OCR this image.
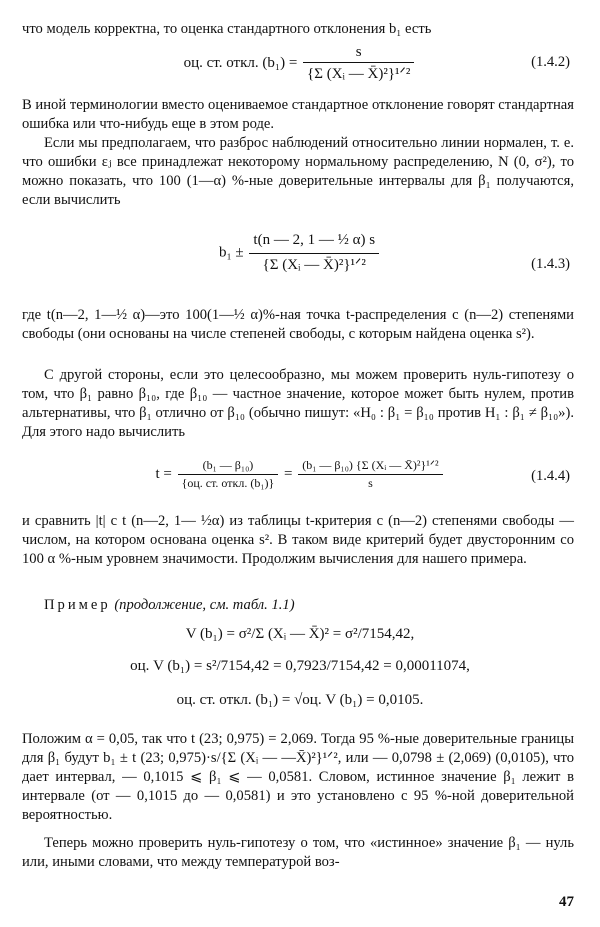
что модель корректна, то оценка стандартного отклонения b₁ есть

оц. ст. откл. $(b_1) = \frac{s}{\text{\{Σ (Xᵢ — X̄)²\}¹ᐟ²}}$	(1.4.2)

В иной терминологии вместо оцениваемое стандартное отклонение говорят стандартная ошибка или что-нибудь еще в этом роде.

Если мы предполагаем, что разброс наблюдений относительно линии нормален, т. е. что ошибки εⱼ все принадлежат некоторому нормальному распределению, N (0, σ²), то можно показать, что 100 (1—α) %-ные доверительные интервалы для β₁ получаются, если вычислить

$b_1 \pm \frac{\text{t(n — 2, 1 — ½ α) s}}{\text{\{Σ (Xᵢ — X̄)²\}¹ᐟ²}}$	(1.4.3)

где t(n—2, 1—½ α)—это 100(1—½ α)%-ная точка t-распределения с (n—2) степенями свободы (они основаны на числе степеней свободы, с которым найдена оценка s²).

С другой стороны, если это целесообразно, мы можем проверить нуль-гипотезу о том, что β₁ равно β₁₀, где β₁₀ — частное значение, которое может быть нулем, против альтернативы, что β₁ отлично от β₁₀ (обычно пишут: «H₀ : β₁ = β₁₀ против H₁ : β₁ ≠ β₁₀»). Для этого надо вычислить

$t = \frac{\text{(b₁ — β₁₀)}}{\text{\{оц. ст. откл. (b₁)\}}} = \frac{\text{(b₁ — β₁₀) \{Σ (Xᵢ — X̄)²\}¹ᐟ²}}{s}$	(1.4.4)

и сравнить |t| с t (n—2, 1— ½α) из таблицы t-критерия с (n—2) степенями свободы — числом, на котором основана оценка s². В таком виде критерий будет двусторонним со 100 α %-ным уровнем значимости. Продолжим вычисления для нашего примера.

Пример (продолжение, см. табл. 1.1)

V (b₁) = σ²/Σ (Xᵢ — X̄)² = σ²/7154,42,
оц. V (b₁) = s²/7154,42 = 0,7923/7154,42 = 0,00011074,
оц. ст. откл. (b₁) = √оц. V (b₁) = 0,0105.

Положим α = 0,05, так что t (23; 0,975) = 2,069. Тогда 95 %-ные доверительные границы для β₁ будут b₁ ± t (23; 0,975)·s/{Σ (Xᵢ — —X̄)²}¹ᐟ², или — 0,0798 ± (2,069) (0,0105), что дает интервал, — 0,1015 ⩽ β₁ ⩽ — 0,0581. Словом, истинное значение β₁ лежит в интервале (от — 0,1015 до — 0,0581) и это установлено с 95 %-ной доверительной вероятностью.

Теперь можно проверить нуль-гипотезу о том, что «истинное» значение β₁ — нуль или, иными словами, что между температурой воз-

47
